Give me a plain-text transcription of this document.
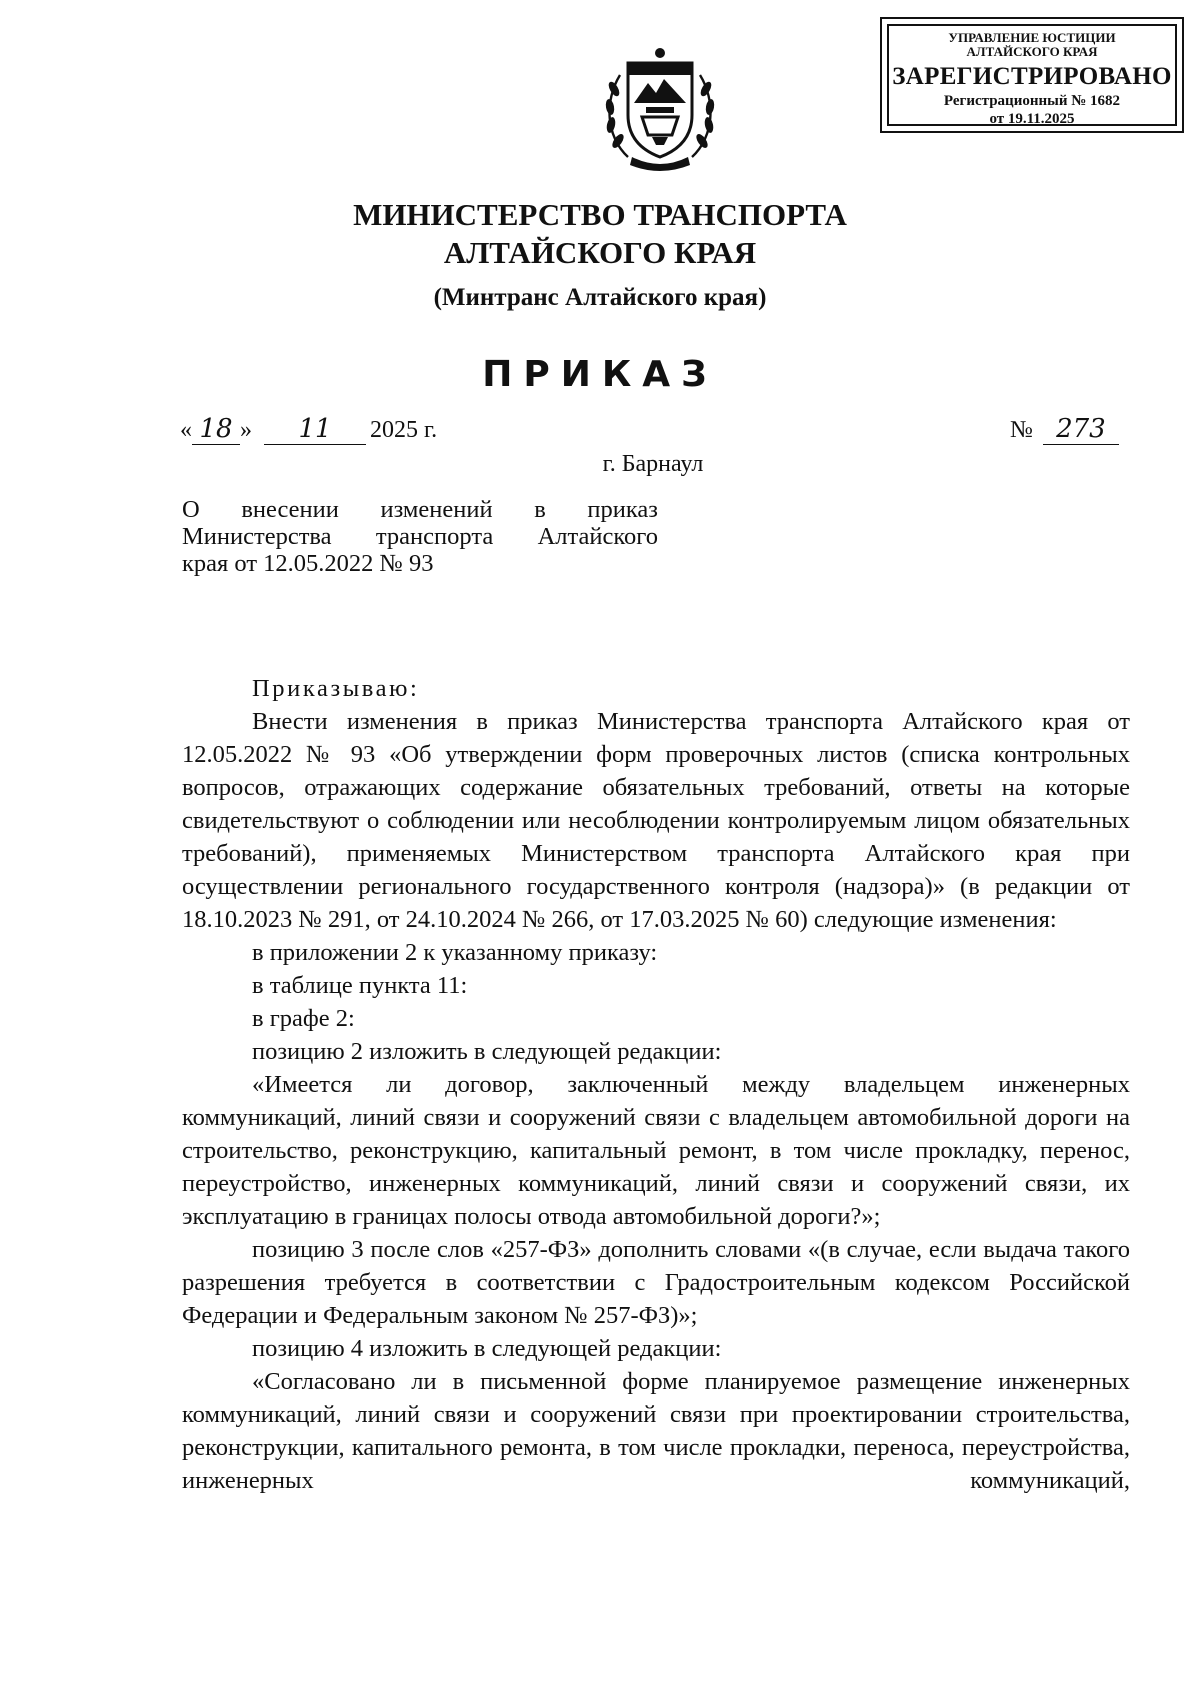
УПРАВЛЕНИЕ ЮСТИЦИИ
АЛТАЙСКОГО КРАЯ
ЗАРЕГИСТРИРОВАНО
Регистрационный № 1682
от 19.11.2025
МИНИСТЕРСТВО ТРАНСПОРТА
АЛТАЙСКОГО КРАЯ
(Минтранс Алтайского края)
ПРИКАЗ
« 18 » 11 2025 г.	№ 273
г. Барнаул
О внесении изменений в приказ
Министерства транспорта Алтайского
края от 12.05.2022 № 93

Приказываю:

Внести изменения в приказ Министерства транспорта Алтайского края от 12.05.2022 № 93 «Об утверждении форм проверочных листов (списка контрольных вопросов, отражающих содержание обязательных требований, ответы на которые свидетельствуют о соблюдении или несоблюдении контролируемым лицом обязательных требований), применяемых Министерством транспорта Алтайского края при осуществлении регионального государственного контроля (надзора)» (в редакции от 18.10.2023 № 291, от 24.10.2024 № 266, от 17.03.2025 № 60) следующие изменения:

в приложении 2 к указанному приказу:

в таблице пункта 11:

в графе 2:

позицию 2 изложить в следующей редакции:

«Имеется ли договор, заключенный между владельцем инженерных коммуникаций, линий связи и сооружений связи с владельцем автомобильной дороги на строительство, реконструкцию, капитальный ремонт, в том числе прокладку, перенос, переустройство, инженерных коммуникаций, линий связи и сооружений связи, их эксплуатацию в границах полосы отвода автомобильной дороги?»;

позицию 3 после слов «257-ФЗ» дополнить словами «(в случае, если выдача такого разрешения требуется в соответствии с Градостроительным кодексом Российской Федерации и Федеральным законом № 257-ФЗ)»;

позицию 4 изложить в следующей редакции:

«Согласовано ли в письменной форме планируемое размещение инженерных коммуникаций, линий связи и сооружений связи при проектировании строительства, реконструкции, капитального ремонта, в том числе прокладки, переноса, переустройства, инженерных коммуникаций,
